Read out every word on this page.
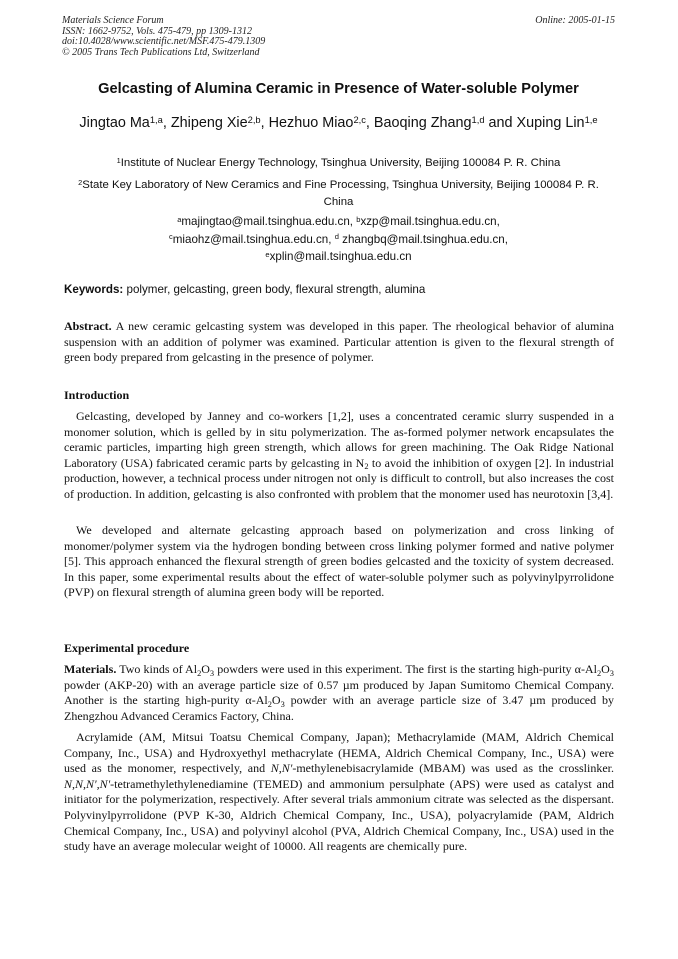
Materials Science Forum
ISSN: 1662-9752, Vols. 475-479, pp 1309-1312
doi:10.4028/www.scientific.net/MSF.475-479.1309
© 2005 Trans Tech Publications Ltd, Switzerland
Online: 2005-01-15
Gelcasting of Alumina Ceramic in Presence of Water-soluble Polymer
Jingtao Ma$^{1,a}$, Zhipeng Xie$^{2,b}$, Hezhuo Miao$^{2,c}$, Baoqing Zhang$^{1,d}$ and Xuping Lin$^{1,e}$
$^1$Institute of Nuclear Energy Technology, Tsinghua University, Beijing 100084 P. R. China
$^2$State Key Laboratory of New Ceramics and Fine Processing, Tsinghua University, Beijing 100084 P. R. China
$^a$majingtao@mail.tsinghua.edu.cn, $^b$xzp@mail.tsinghua.edu.cn,
$^c$miaohz@mail.tsinghua.edu.cn, $^d$ zhangbq@mail.tsinghua.edu.cn,
$^e$xplin@mail.tsinghua.edu.cn
Keywords: polymer, gelcasting, green body, flexural strength, alumina
Abstract. A new ceramic gelcasting system was developed in this paper. The rheological behavior of alumina suspension with an addition of polymer was examined. Particular attention is given to the flexural strength of green body prepared from gelcasting in the presence of polymer.
Introduction
Gelcasting, developed by Janney and co-workers [1,2], uses a concentrated ceramic slurry suspended in a monomer solution, which is gelled by in situ polymerization. The as-formed polymer network encapsulates the ceramic particles, imparting high green strength, which allows for green machining. The Oak Ridge National Laboratory (USA) fabricated ceramic parts by gelcasting in $N_2$ to avoid the inhibition of oxygen [2]. In industrial production, however, a technical process under nitrogen not only is difficult to controll, but also increases the cost of production. In addition, gelcasting is also confronted with problem that the monomer used has neurotoxin [3,4].
We developed and alternate gelcasting approach based on polymerization and cross linking of monomer/polymer system via the hydrogen bonding between cross linking polymer formed and native polymer [5]. This approach enhanced the flexural strength of green bodies gelcasted and the toxicity of system decreased. In this paper, some experimental results about the effect of water-soluble polymer such as polyvinylpyrrolidone (PVP) on flexural strength of alumina green body will be reported.
Experimental procedure
Materials. Two kinds of $Al_2O_3$ powders were used in this experiment. The first is the starting high-purity $\alpha-Al_2O_3$ powder (AKP-20) with an average particle size of 0.57 µm produced by Japan Sumitomo Chemical Company. Another is the starting high-purity $\alpha-Al_2O_3$ powder with an average particle size of 3.47 µm produced by Zhengzhou Advanced Ceramics Factory, China.
Acrylamide (AM, Mitsui Toatsu Chemical Company, Japan); Methacrylamide (MAM, Aldrich Chemical Company, Inc., USA) and Hydroxyethyl methacrylate (HEMA, Aldrich Chemical Company, Inc., USA) were used as the monomer, respectively, and N,N'-methylenebisacrylamide (MBAM) was used as the crosslinker. N,N,N',N'-tetramethylethylenediamine (TEMED) and ammonium persulphate (APS) were used as catalyst and initiator for the polymerization, respectively. After several trials ammonium citrate was selected as the dispersant. Polyvinylpyrrolidone (PVP K-30, Aldrich Chemical Company, Inc., USA), polyacrylamide (PAM, Aldrich Chemical Company, Inc., USA) and polyvinyl alcohol (PVA, Aldrich Chemical Company, Inc., USA) used in the study have an average molecular weight of 10000. All reagents are chemically pure.
